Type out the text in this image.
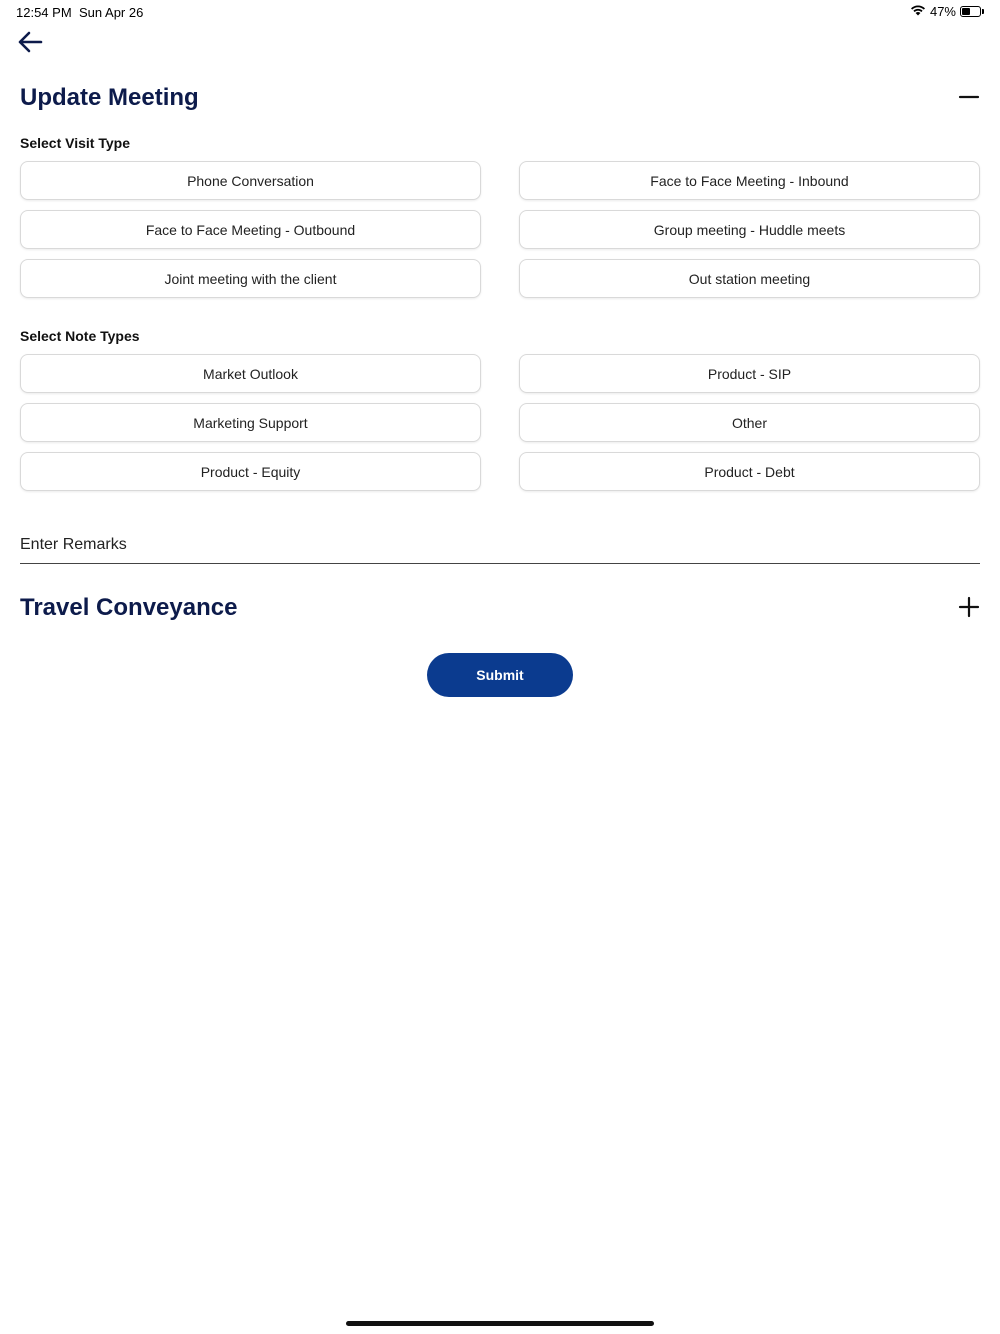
12:54 PM Sun Apr 26	47%
Update Meeting
Select Visit Type
Phone Conversation	Face to Face Meeting - Inbound
Face to Face Meeting - Outbound	Group meeting - Huddle meets
Joint meeting with the client	Out station meeting
Select Note Types
Market Outlook	Product - SIP
Marketing Support	Other
Product - Equity	Product - Debt
Enter Remarks
Travel Conveyance
Submit
